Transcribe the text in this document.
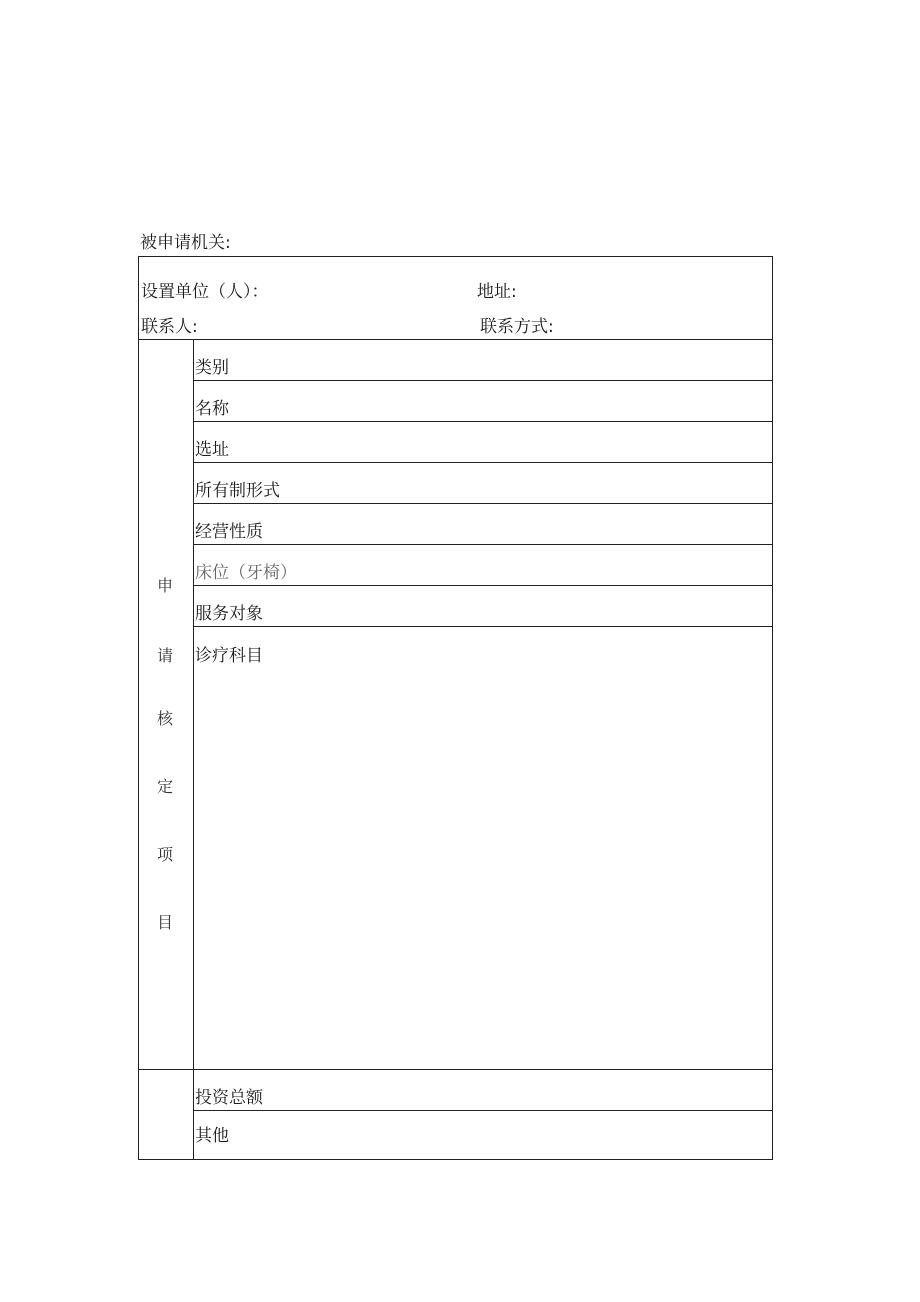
被申请机关:
设置单位（人）：	地址:
联系人:	联系方式:
申
请
核
定
项
目
类别
名称
选址
所有制形式
经营性质
床位（牙椅）
服务对象
诊疗科目
投资总额
其他
